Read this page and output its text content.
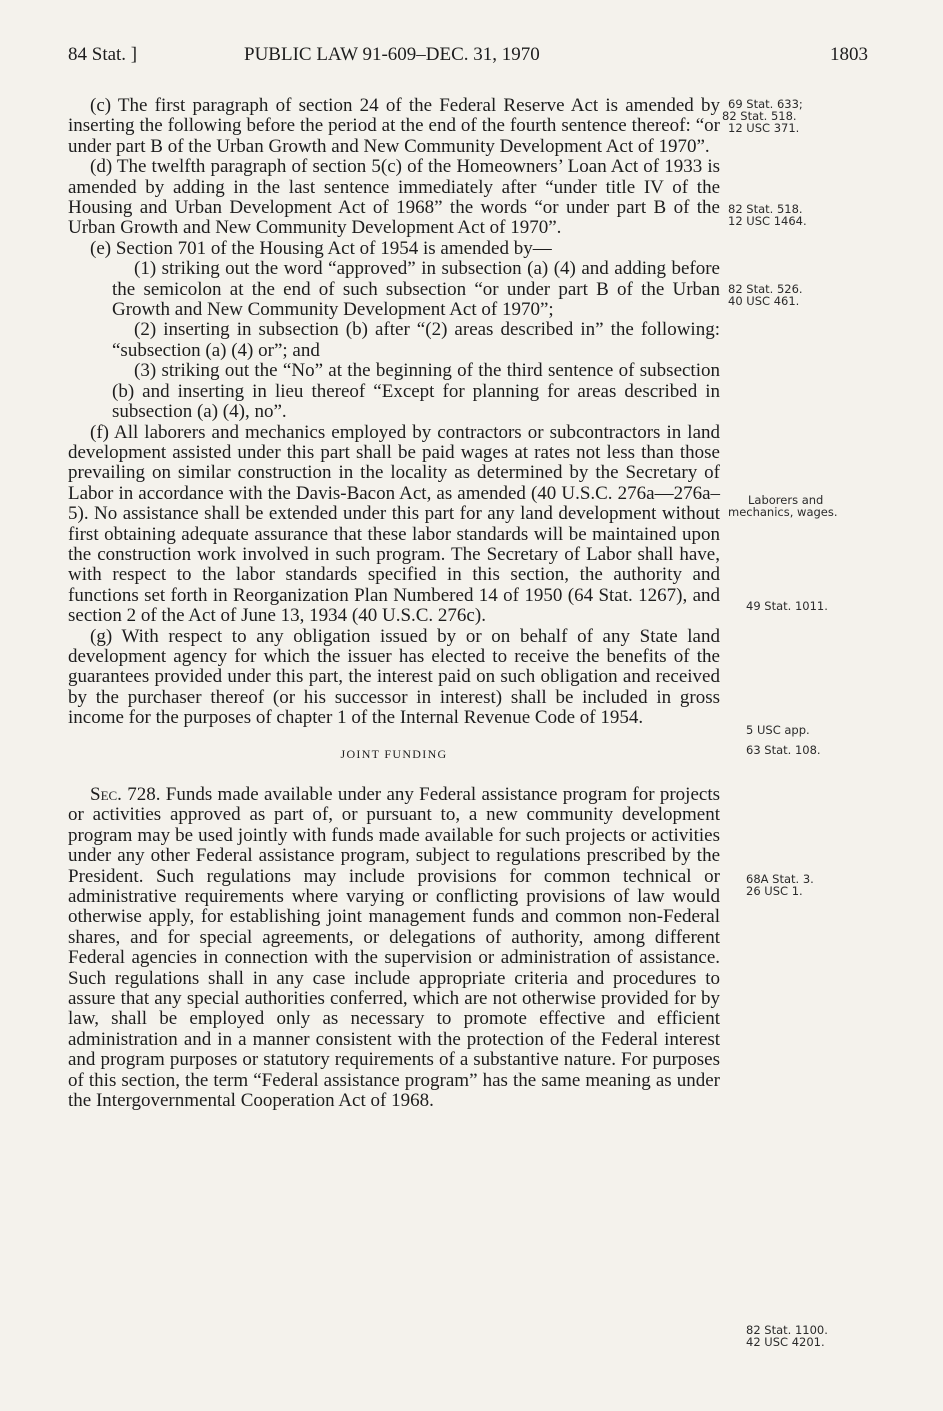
84 Stat. ]	PUBLIC LAW 91-609–DEC. 31, 1970	1803

(c) The first paragraph of section 24 of the Federal Reserve Act is amended by inserting the following before the period at the end of the fourth sentence thereof: “or under part B of the Urban Growth and New Community Development Act of 1970”.

(d) The twelfth paragraph of section 5(c) of the Homeowners’ Loan Act of 1933 is amended by adding in the last sentence immediately after “under title IV of the Housing and Urban Development Act of 1968” the words “or under part B of the Urban Growth and New Community Development Act of 1970”.

(e) Section 701 of the Housing Act of 1954 is amended by—

(1) striking out the word “approved” in subsection (a) (4) and adding before the semicolon at the end of such subsection “or under part B of the Urban Growth and New Community Development Act of 1970”;

(2) inserting in subsection (b) after “(2) areas described in” the following: “subsection (a) (4) or”; and

(3) striking out the “No” at the beginning of the third sentence of subsection (b) and inserting in lieu thereof “Except for planning for areas described in subsection (a) (4), no”.

(f) All laborers and mechanics employed by contractors or subcontractors in land development assisted under this part shall be paid wages at rates not less than those prevailing on similar construction in the locality as determined by the Secretary of Labor in accordance with the Davis-Bacon Act, as amended (40 U.S.C. 276a—276a–5). No assistance shall be extended under this part for any land development without first obtaining adequate assurance that these labor standards will be maintained upon the construction work involved in such program. The Secretary of Labor shall have, with respect to the labor standards specified in this section, the authority and functions set forth in Reorganization Plan Numbered 14 of 1950 (64 Stat. 1267), and section 2 of the Act of June 13, 1934 (40 U.S.C. 276c).

(g) With respect to any obligation issued by or on behalf of any State land development agency for which the issuer has elected to receive the benefits of the guarantees provided under this part, the interest paid on such obligation and received by the purchaser thereof (or his successor in interest) shall be included in gross income for the purposes of chapter 1 of the Internal Revenue Code of 1954.

JOINT FUNDING

Sec. 728. Funds made available under any Federal assistance program for projects or activities approved as part of, or pursuant to, a new community development program may be used jointly with funds made available for such projects or activities under any other Federal assistance program, subject to regulations prescribed by the President. Such regulations may include provisions for common technical or administrative requirements where varying or conflicting provisions of law would otherwise apply, for establishing joint management funds and common non-Federal shares, and for special agreements, or delegations of authority, among different Federal agencies in connection with the supervision or administration of assistance. Such regulations shall in any case include appropriate criteria and procedures to assure that any special authorities conferred, which are not otherwise provided for by law, shall be employed only as necessary to promote effective and efficient administration and in a manner consistent with the protection of the Federal interest and program purposes or statutory requirements of a substantive nature. For purposes of this section, the term “Federal assistance program” has the same meaning as under the Intergovernmental Cooperation Act of 1968.

69 Stat. 633;
82 Stat. 518.
12 USC 371.
82 Stat. 518.
12 USC 1464.
82 Stat. 526.
40 USC 461.
Laborers and
mechanics, wages.
49 Stat. 1011.
5 USC app.
63 Stat. 108.
68A Stat. 3.
26 USC 1.
82 Stat. 1100.
42 USC 4201.
